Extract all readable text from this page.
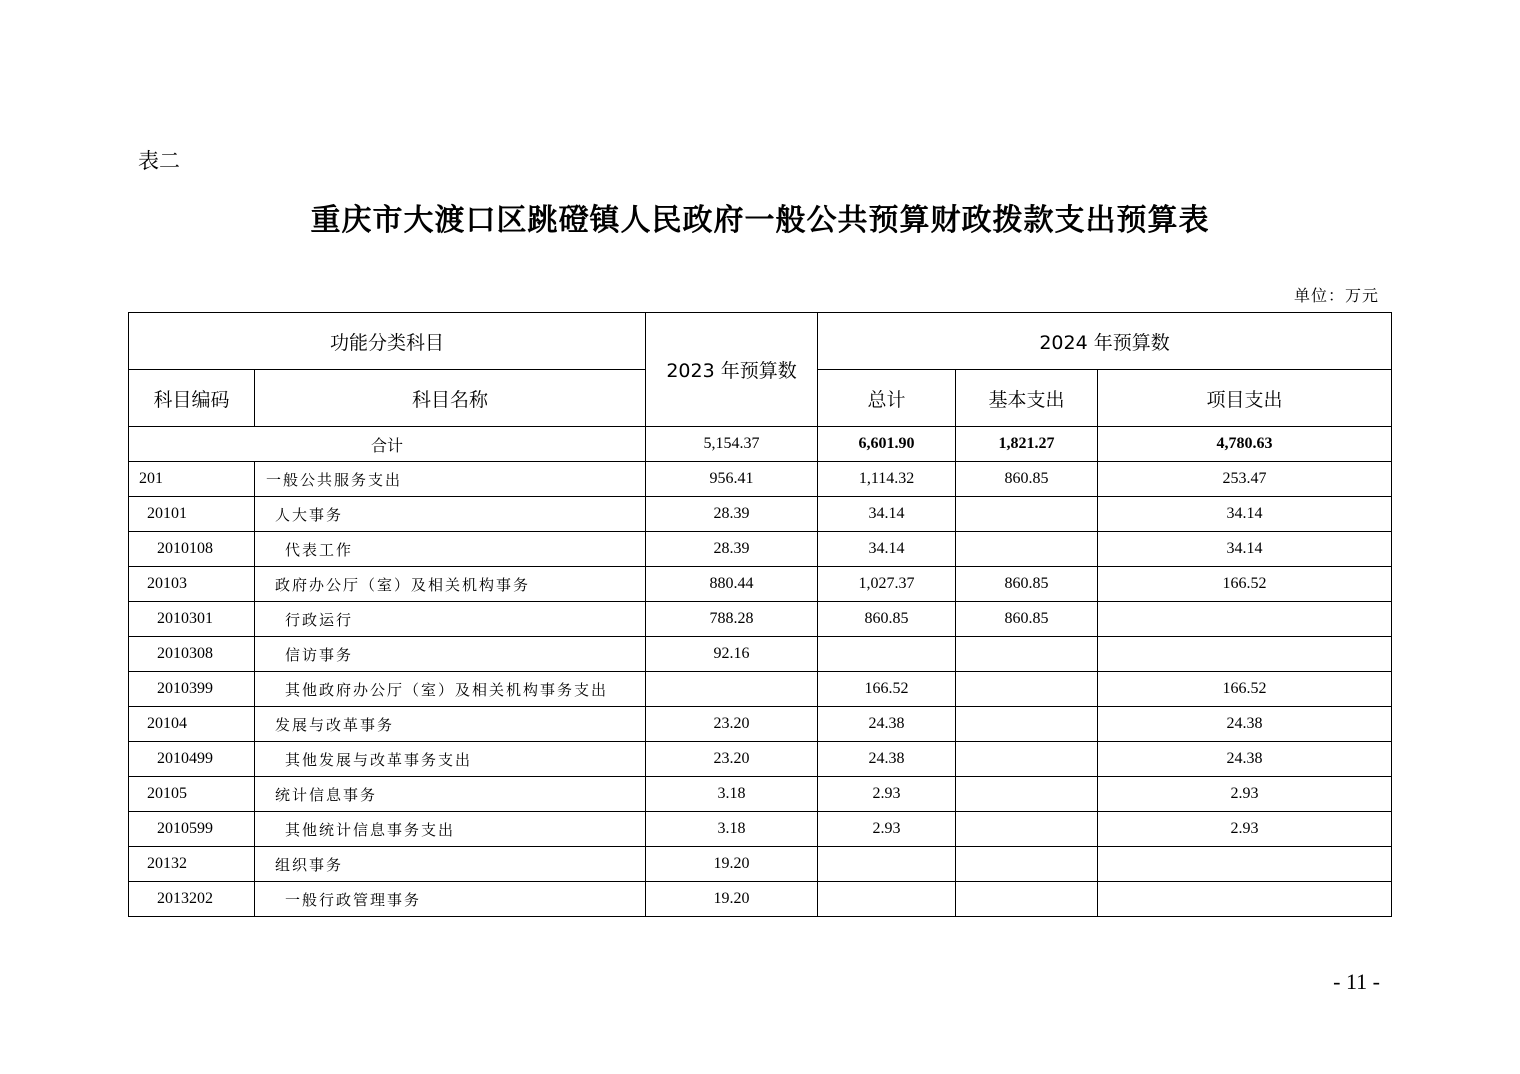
表二
重庆市大渡口区跳磴镇人民政府一般公共预算财政拨款支出预算表
单位：万元
功能分类科目		2023 年预算数	2024 年预算数		
科目编码	科目名称		总计	基本支出	项目支出
合计		5,154.37	6,601.90	1,821.27	4,780.63
201	一般公共服务支出	956.41	1,114.32	860.85	253.47
20101	人大事务	28.39	34.14		34.14
2010108	代表工作	28.39	34.14		34.14
20103	政府办公厅（室）及相关机构事务	880.44	1,027.37	860.85	166.52
2010301	行政运行	788.28	860.85	860.85	
2010308	信访事务	92.16			
2010399	其他政府办公厅（室）及相关机构事务支出		166.52		166.52
20104	发展与改革事务	23.20	24.38		24.38
2010499	其他发展与改革事务支出	23.20	24.38		24.38
20105	统计信息事务	3.18	2.93		2.93
2010599	其他统计信息事务支出	3.18	2.93		2.93
20132	组织事务	19.20			
2013202	一般行政管理事务	19.20			
- 11 -
